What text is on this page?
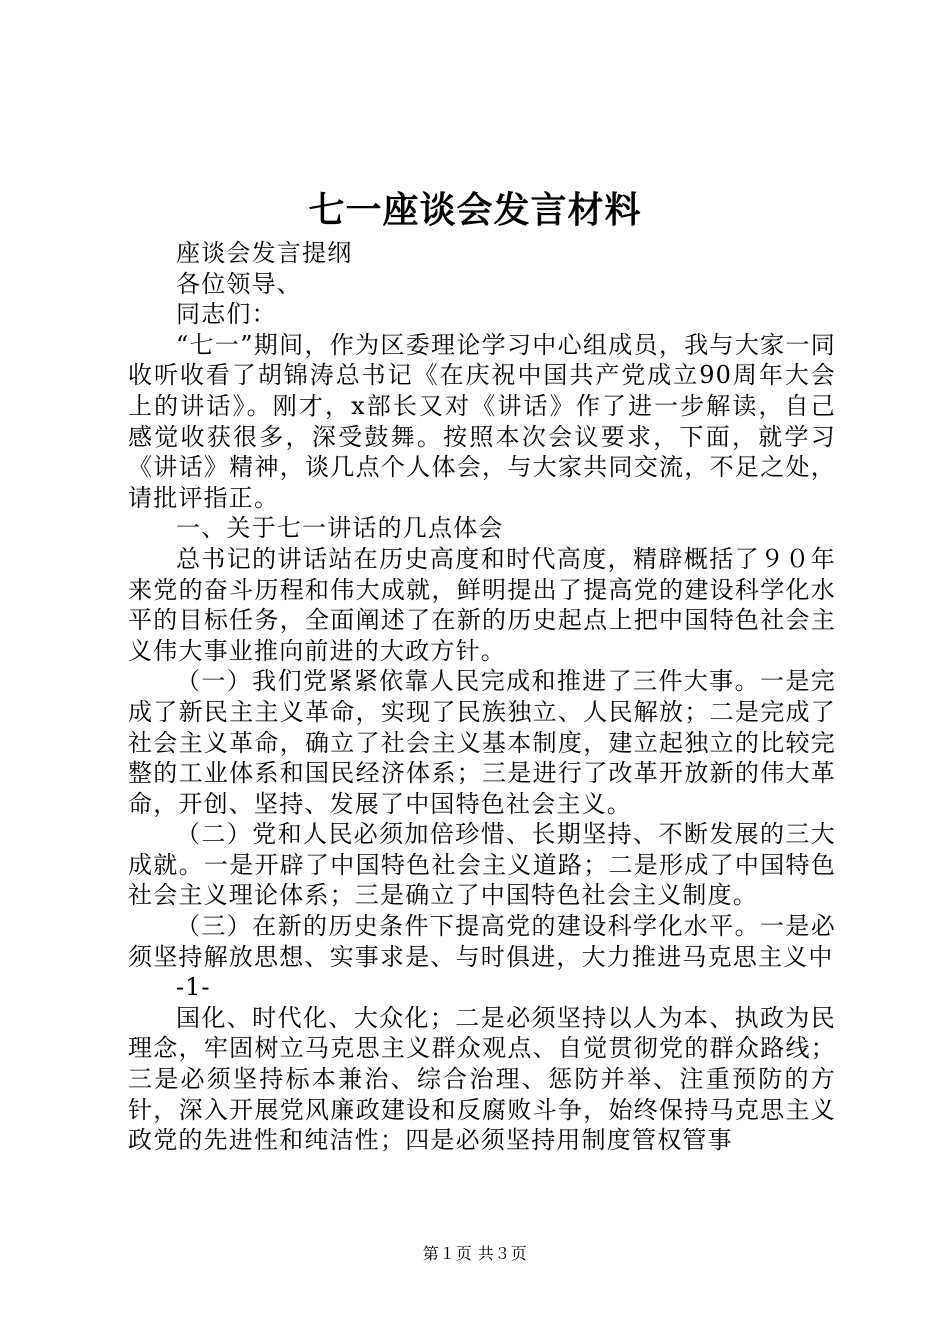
七一座谈会发言材料

座谈会发言提纲

各位领导、

同志们：

“七一”期间，作为区委理论学习中心组成员，我与大家一同收听收看了胡锦涛总书记《在庆祝中国共产党成立90周年大会上的讲话》。刚才，x部长又对《讲话》作了进一步解读，自己感觉收获很多，深受鼓舞。按照本次会议要求，下面，就学习《讲话》精神，谈几点个人体会，与大家共同交流，不足之处，请批评指正。

一、关于七一讲话的几点体会

总书记的讲话站在历史高度和时代高度，精辟概括了９０年来党的奋斗历程和伟大成就，鲜明提出了提高党的建设科学化水平的目标任务，全面阐述了在新的历史起点上把中国特色社会主义伟大事业推向前进的大政方针。

（一）我们党紧紧依靠人民完成和推进了三件大事。一是完成了新民主主义革命，实现了民族独立、人民解放；二是完成了社会主义革命，确立了社会主义基本制度，建立起独立的比较完整的工业体系和国民经济体系；三是进行了改革开放新的伟大革命，开创、坚持、发展了中国特色社会主义。

（二）党和人民必须加倍珍惜、长期坚持、不断发展的三大成就。一是开辟了中国特色社会主义道路；二是形成了中国特色社会主义理论体系；三是确立了中国特色社会主义制度。

（三）在新的历史条件下提高党的建设科学化水平。一是必须坚持解放思想、实事求是、与时俱进，大力推进马克思主义中

-1-

国化、时代化、大众化；二是必须坚持以人为本、执政为民理念，牢固树立马克思主义群众观点、自觉贯彻党的群众路线；三是必须坚持标本兼治、综合治理、惩防并举、注重预防的方针，深入开展党风廉政建设和反腐败斗争，始终保持马克思主义政党的先进性和纯洁性；四是必须坚持用制度管权管事

第１页 共３页
